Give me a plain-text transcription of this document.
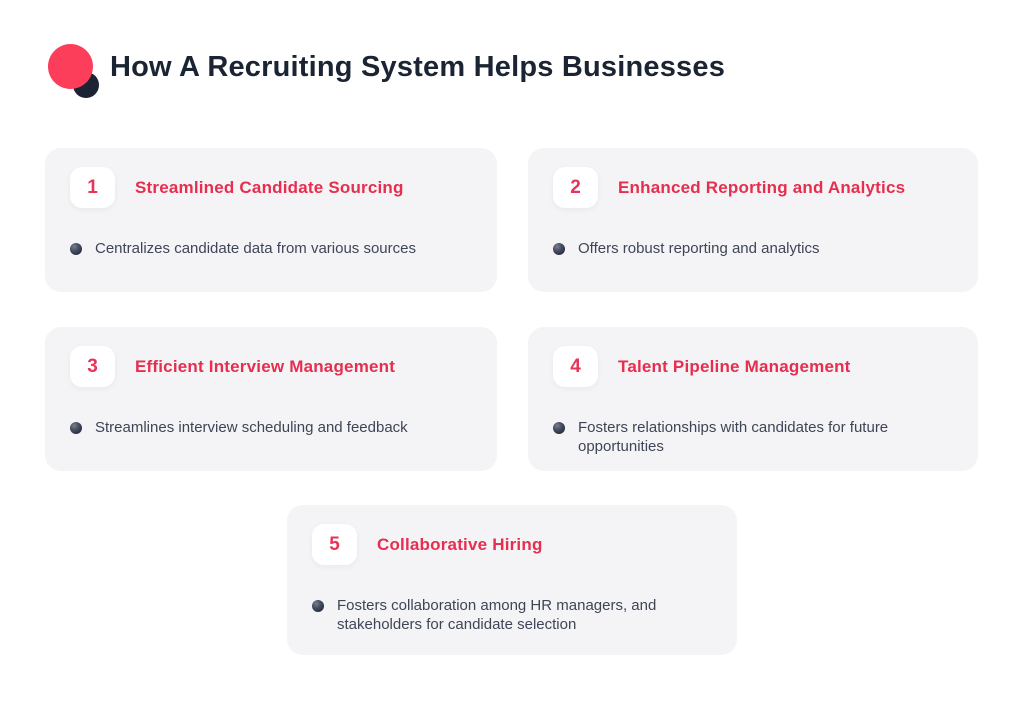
How A Recruiting System Helps Businesses
1	Streamlined Candidate Sourcing

Centralizes candidate data from various sources

2	Enhanced Reporting and Analytics

Offers robust reporting and analytics

3	Efficient Interview Management

Streamlines interview scheduling and feedback

4	Talent Pipeline Management

Fosters relationships with candidates for future opportunities

5	Collaborative Hiring

Fosters collaboration among HR managers, and stakeholders for candidate selection
